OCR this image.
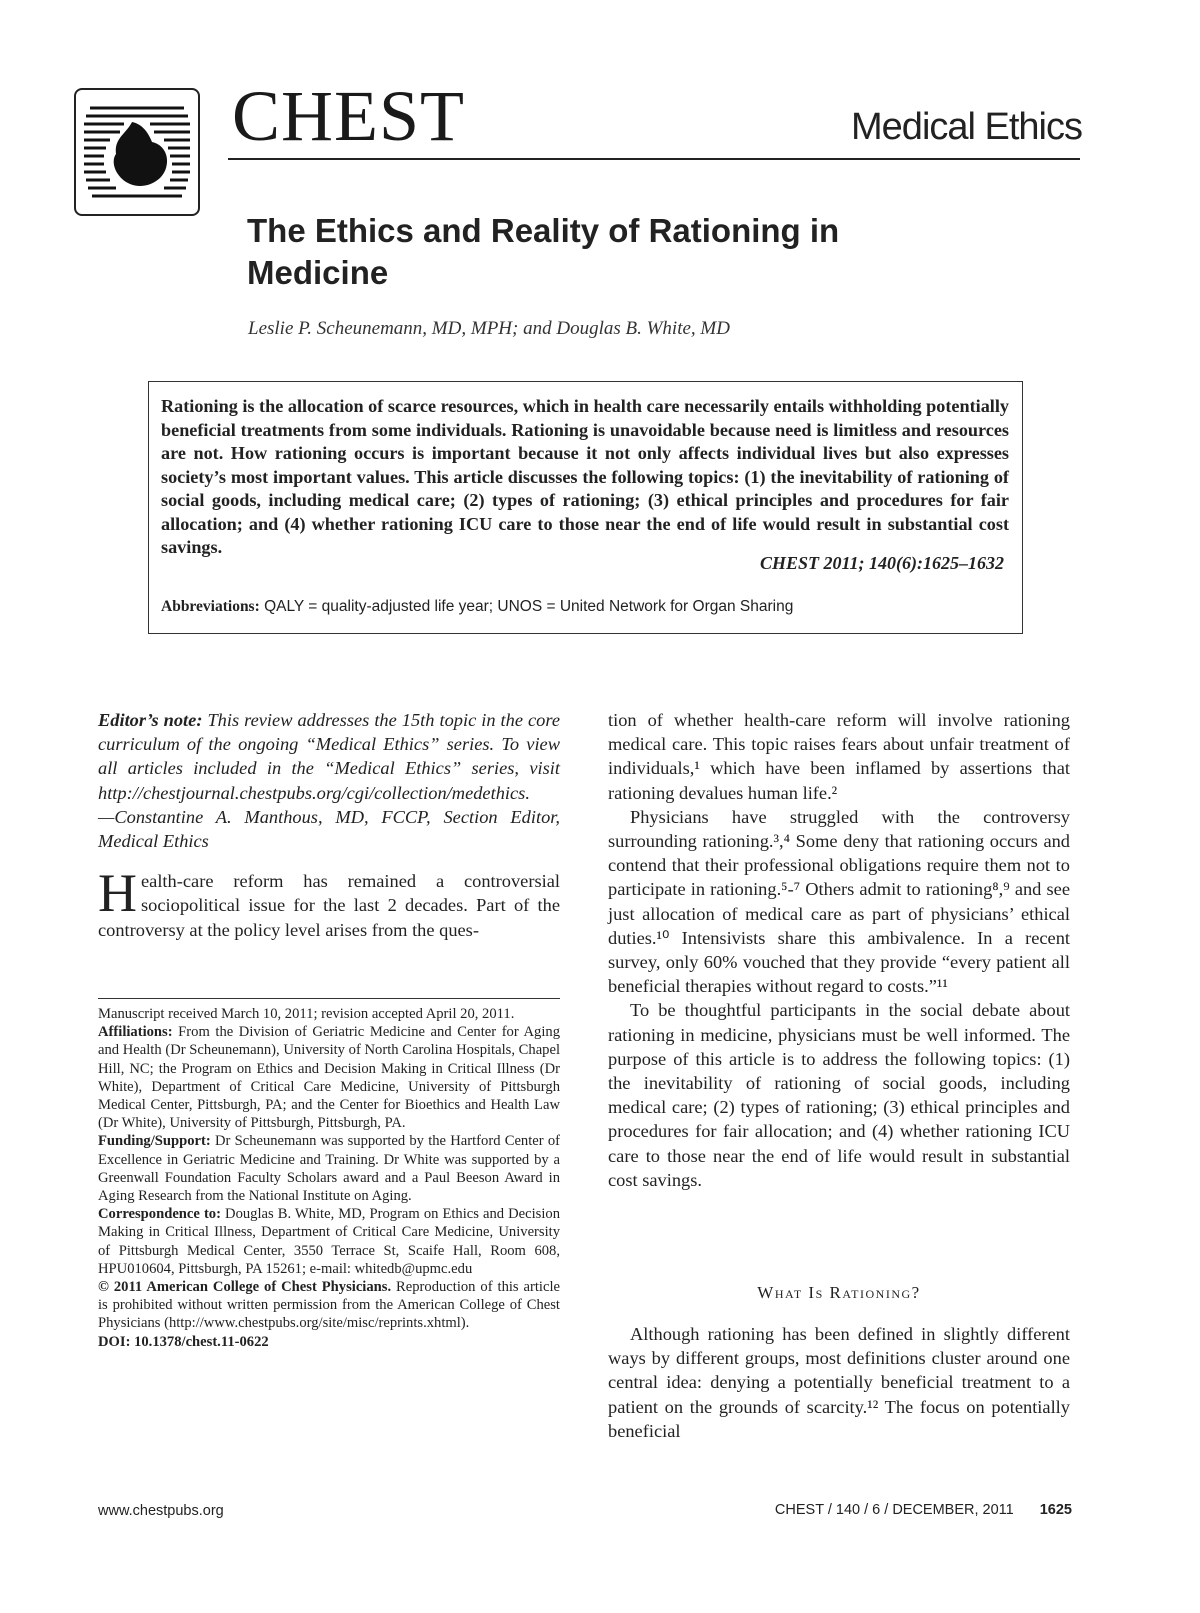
CHEST	Medical Ethics
The Ethics and Reality of Rationing in Medicine
Leslie P. Scheunemann, MD, MPH; and Douglas B. White, MD
Rationing is the allocation of scarce resources, which in health care necessarily entails withholding potentially beneficial treatments from some individuals. Rationing is unavoidable because need is limitless and resources are not. How rationing occurs is important because it not only affects individual lives but also expresses society’s most important values. This article discusses the following topics: (1) the inevitability of rationing of social goods, including medical care; (2) types of rationing; (3) ethical principles and procedures for fair allocation; and (4) whether rationing ICU care to those near the end of life would result in substantial cost savings.
CHEST 2011; 140(6):1625–1632
Abbreviations: QALY = quality-adjusted life year; UNOS = United Network for Organ Sharing

Editor’s note: This review addresses the 15th topic in the core curriculum of the ongoing “Medical Ethics” series. To view all articles included in the “Medical Ethics” series, visit http://chestjournal.chestpubs.org/cgi/collection/medethics.
—Constantine A. Manthous, MD, FCCP, Section Editor, Medical Ethics

Health-care reform has remained a controversial sociopolitical issue for the last 2 decades. Part of the controversy at the policy level arises from the ques-

Manuscript received March 10, 2011; revision accepted April 20, 2011.

Affiliations: From the Division of Geriatric Medicine and Center for Aging and Health (Dr Scheunemann), University of North Carolina Hospitals, Chapel Hill, NC; the Program on Ethics and Decision Making in Critical Illness (Dr White), Department of Critical Care Medicine, University of Pittsburgh Medical Center, Pittsburgh, PA; and the Center for Bioethics and Health Law (Dr White), University of Pittsburgh, Pittsburgh, PA.

Funding/Support: Dr Scheunemann was supported by the Hartford Center of Excellence in Geriatric Medicine and Training. Dr White was supported by a Greenwall Foundation Faculty Scholars award and a Paul Beeson Award in Aging Research from the National Institute on Aging.

Correspondence to: Douglas B. White, MD, Program on Ethics and Decision Making in Critical Illness, Department of Critical Care Medicine, University of Pittsburgh Medical Center, 3550 Terrace St, Scaife Hall, Room 608, HPU010604, Pittsburgh, PA 15261; e-mail: whitedb@upmc.edu

© 2011 American College of Chest Physicians. Reproduction of this article is prohibited without written permission from the American College of Chest Physicians (http://www.chestpubs.org/site/misc/reprints.xhtml).

DOI: 10.1378/chest.11-0622

tion of whether health-care reform will involve rationing medical care. This topic raises fears about unfair treatment of individuals,¹ which have been inflamed by assertions that rationing devalues human life.²

Physicians have struggled with the controversy surrounding rationing.³,⁴ Some deny that rationing occurs and contend that their professional obligations require them not to participate in rationing.⁵-⁷ Others admit to rationing⁸,⁹ and see just allocation of medical care as part of physicians’ ethical duties.¹⁰ Intensivists share this ambivalence. In a recent survey, only 60% vouched that they provide “every patient all beneficial therapies without regard to costs.”¹¹

To be thoughtful participants in the social debate about rationing in medicine, physicians must be well informed. The purpose of this article is to address the following topics: (1) the inevitability of rationing of social goods, including medical care; (2) types of rationing; (3) ethical principles and procedures for fair allocation; and (4) whether rationing ICU care to those near the end of life would result in substantial cost savings.

What Is Rationing?

Although rationing has been defined in slightly different ways by different groups, most definitions cluster around one central idea: denying a potentially beneficial treatment to a patient on the grounds of scarcity.¹² The focus on potentially beneficial

www.chestpubs.org	CHEST / 140 / 6 / DECEMBER, 2011 1625
